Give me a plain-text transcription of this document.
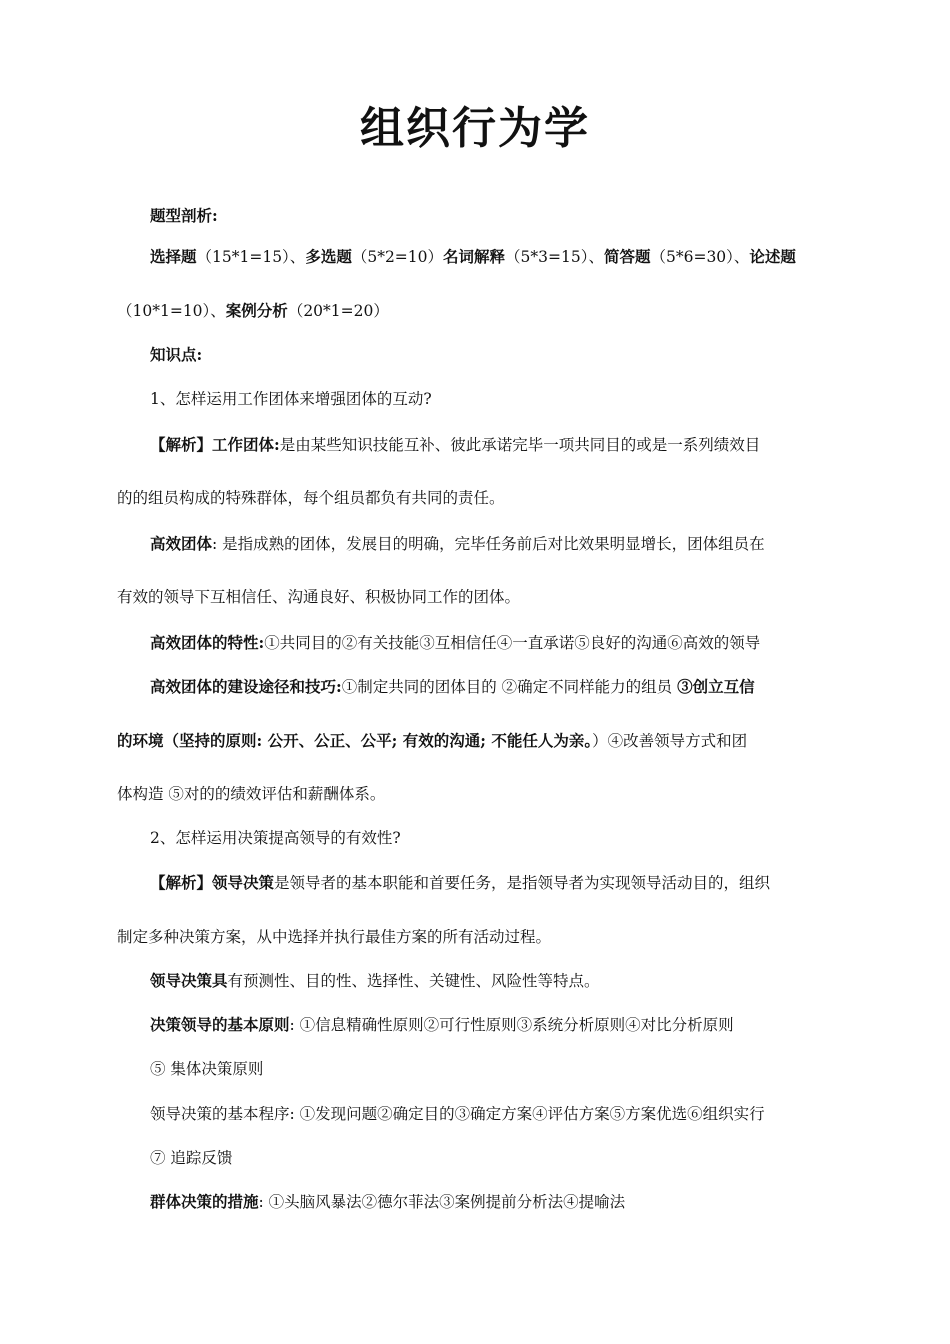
组织行为学
题型剖析:
选择题（15*1=15）、多选题（5*2=10）名词解释（5*3=15）、简答题（5*6=30）、论述题
（10*1=10）、案例分析（20*1=20）
知识点:
1、怎样运用工作团体来增强团体的互动?
【解析】工作团体:是由某些知识技能互补、彼此承诺完毕一项共同目的或是一系列绩效目
的的组员构成的特殊群体，每个组员都负有共同的责任。
高效团体: 是指成熟的团体，发展目的明确，完毕任务前后对比效果明显增长，团体组员在
有效的领导下互相信任、沟通良好、积极协同工作的团体。
高效团体的特性:①共同目的②有关技能③互相信任④一直承诺⑤良好的沟通⑥高效的领导
高效团体的建设途径和技巧:①制定共同的团体目的 ②确定不同样能力的组员 ③创立互信
的环境（坚持的原则: 公开、公正、公平; 有效的沟通; 不能任人为亲。）④改善领导方式和团
体构造 ⑤对的的绩效评估和薪酬体系。
2、怎样运用决策提高领导的有效性?
【解析】领导决策是领导者的基本职能和首要任务，是指领导者为实现领导活动目的，组织
制定多种决策方案，从中选择并执行最佳方案的所有活动过程。
领导决策具有预测性、目的性、选择性、关键性、风险性等特点。
决策领导的基本原则: ①信息精确性原则②可行性原则③系统分析原则④对比分析原则
⑤ 集体决策原则
领导决策的基本程序: ①发现问题②确定目的③确定方案④评估方案⑤方案优选⑥组织实行
⑦ 追踪反馈
群体决策的措施: ①头脑风暴法②德尔菲法③案例提前分析法④提喻法
